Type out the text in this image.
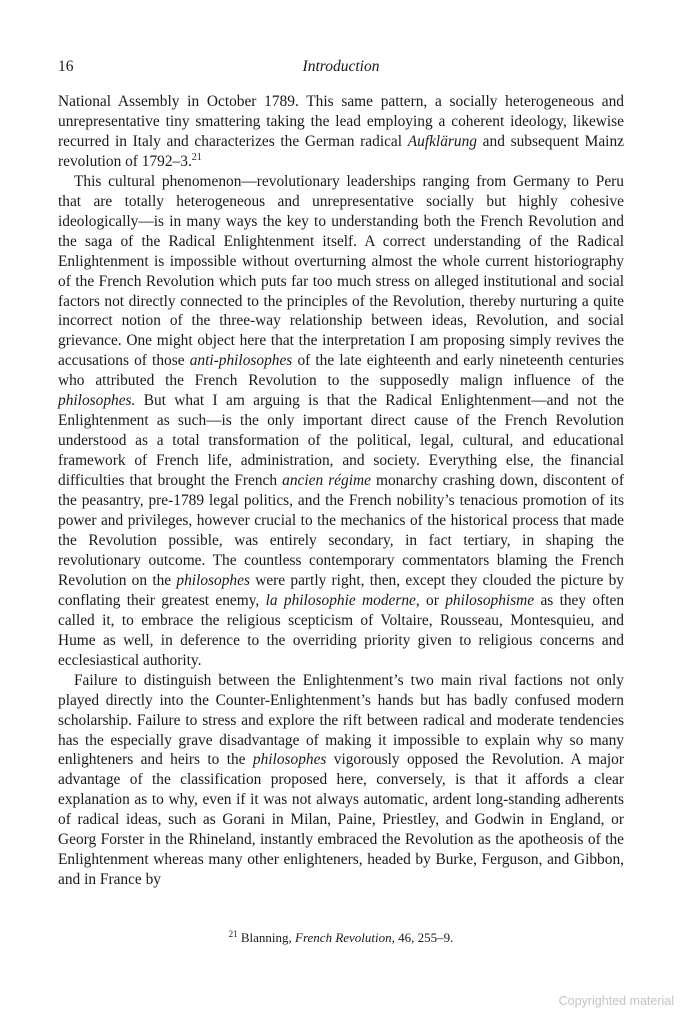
16	Introduction

National Assembly in October 1789. This same pattern, a socially heterogeneous and unrepresentative tiny smattering taking the lead employing a coherent ideology, likewise recurred in Italy and characterizes the German radical Aufklärung and subsequent Mainz revolution of 1792–3.21

This cultural phenomenon—revolutionary leaderships ranging from Germany to Peru that are totally heterogeneous and unrepresentative socially but highly cohesive ideologically—is in many ways the key to understanding both the French Revolution and the saga of the Radical Enlightenment itself. A correct understanding of the Radical Enlightenment is impossible without overturning almost the whole current historiography of the French Revolution which puts far too much stress on alleged institutional and social factors not directly connected to the principles of the Revolution, thereby nurturing a quite incorrect notion of the three-way relationship between ideas, Revolution, and social grievance. One might object here that the interpretation I am proposing simply revives the accusations of those anti-philosophes of the late eighteenth and early nineteenth centuries who attributed the French Revolution to the supposedly malign influence of the philosophes. But what I am arguing is that the Radical Enlightenment—and not the Enlightenment as such—is the only important direct cause of the French Revolution understood as a total transformation of the political, legal, cultural, and educational framework of French life, administration, and society. Everything else, the financial difficulties that brought the French ancien régime monarchy crashing down, discontent of the peasantry, pre-1789 legal politics, and the French nobility’s tenacious promotion of its power and privileges, however crucial to the mechanics of the historical process that made the Revolution possible, was entirely secondary, in fact tertiary, in shaping the revolutionary outcome. The countless contemporary commentators blaming the French Revolution on the philosophes were partly right, then, except they clouded the picture by conflating their greatest enemy, la philosophie moderne, or philosophisme as they often called it, to embrace the religious scepticism of Voltaire, Rousseau, Montesquieu, and Hume as well, in deference to the overriding priority given to religious concerns and ecclesiastical authority.

Failure to distinguish between the Enlightenment’s two main rival factions not only played directly into the Counter-Enlightenment’s hands but has badly confused modern scholarship. Failure to stress and explore the rift between radical and moderate tendencies has the especially grave disadvantage of making it impossible to explain why so many enlighteners and heirs to the philosophes vigorously opposed the Revolution. A major advantage of the classification proposed here, conversely, is that it affords a clear explanation as to why, even if it was not always automatic, ardent long-standing adherents of radical ideas, such as Gorani in Milan, Paine, Priestley, and Godwin in England, or Georg Forster in the Rhineland, instantly embraced the Revolution as the apotheosis of the Enlightenment whereas many other enlighteners, headed by Burke, Ferguson, and Gibbon, and in France by

$^{21}$ Blanning, French Revolution, 46, 255–9.
Copyrighted material
